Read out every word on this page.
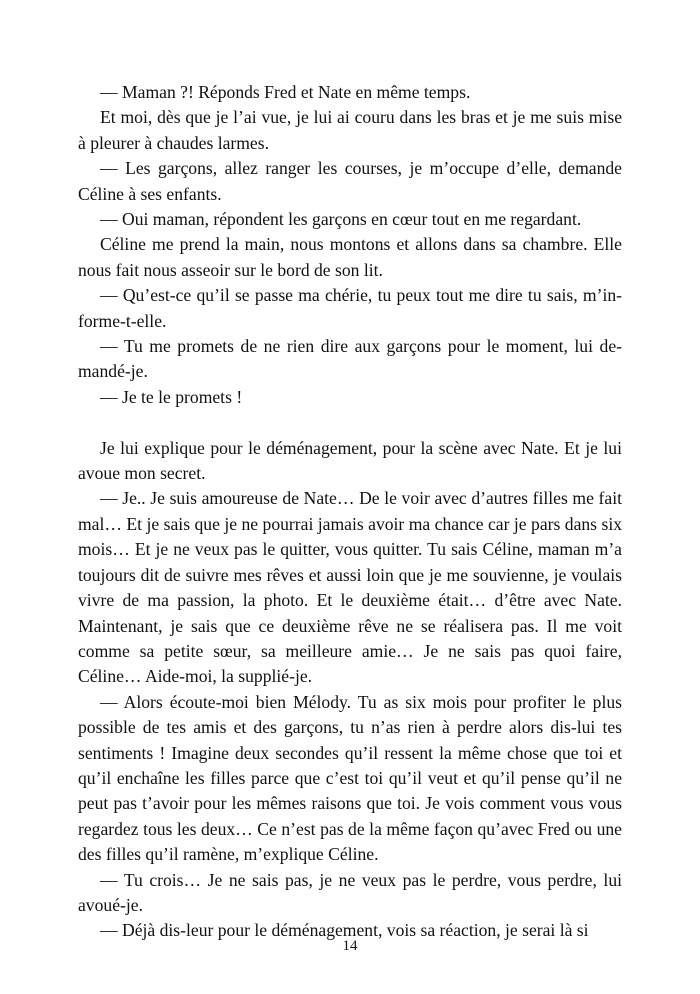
— Maman ?! Réponds Fred et Nate en même temps.

Et moi, dès que je l’ai vue, je lui ai couru dans les bras et je me suis mise à pleurer à chaudes larmes.

— Les garçons, allez ranger les courses, je m’occupe d’elle, demande Céline à ses enfants.

— Oui maman, répondent les garçons en cœur tout en me regardant.

Céline me prend la main, nous montons et allons dans sa chambre. Elle nous fait nous asseoir sur le bord de son lit.

— Qu’est-ce qu’il se passe ma chérie, tu peux tout me dire tu sais, m’informe-t-elle.

— Tu me promets de ne rien dire aux garçons pour le moment, lui demandé-je.

— Je te le promets !

Je lui explique pour le déménagement, pour la scène avec Nate. Et je lui avoue mon secret.

— Je.. Je suis amoureuse de Nate… De le voir avec d’autres filles me fait mal… Et je sais que je ne pourrai jamais avoir ma chance car je pars dans six mois… Et je ne veux pas le quitter, vous quitter. Tu sais Céline, maman m’a toujours dit de suivre mes rêves et aussi loin que je me souvienne, je voulais vivre de ma passion, la photo. Et le deuxième était… d’être avec Nate. Maintenant, je sais que ce deuxième rêve ne se réalisera pas. Il me voit comme sa petite sœur, sa meilleure amie… Je ne sais pas quoi faire, Céline… Aide-moi, la supplié-je.

— Alors écoute-moi bien Mélody. Tu as six mois pour profiter le plus possible de tes amis et des garçons, tu n’as rien à perdre alors dis-lui tes sentiments ! Imagine deux secondes qu’il ressent la même chose que toi et qu’il enchaîne les filles parce que c’est toi qu’il veut et qu’il pense qu’il ne peut pas t’avoir pour les mêmes raisons que toi. Je vois comment vous vous regardez tous les deux… Ce n’est pas de la même façon qu’avec Fred ou une des filles qu’il ramène, m’explique Céline.

— Tu crois… Je ne sais pas, je ne veux pas le perdre, vous perdre, lui avoué-je.

— Déjà dis-leur pour le déménagement, vois sa réaction, je serai là si

14
